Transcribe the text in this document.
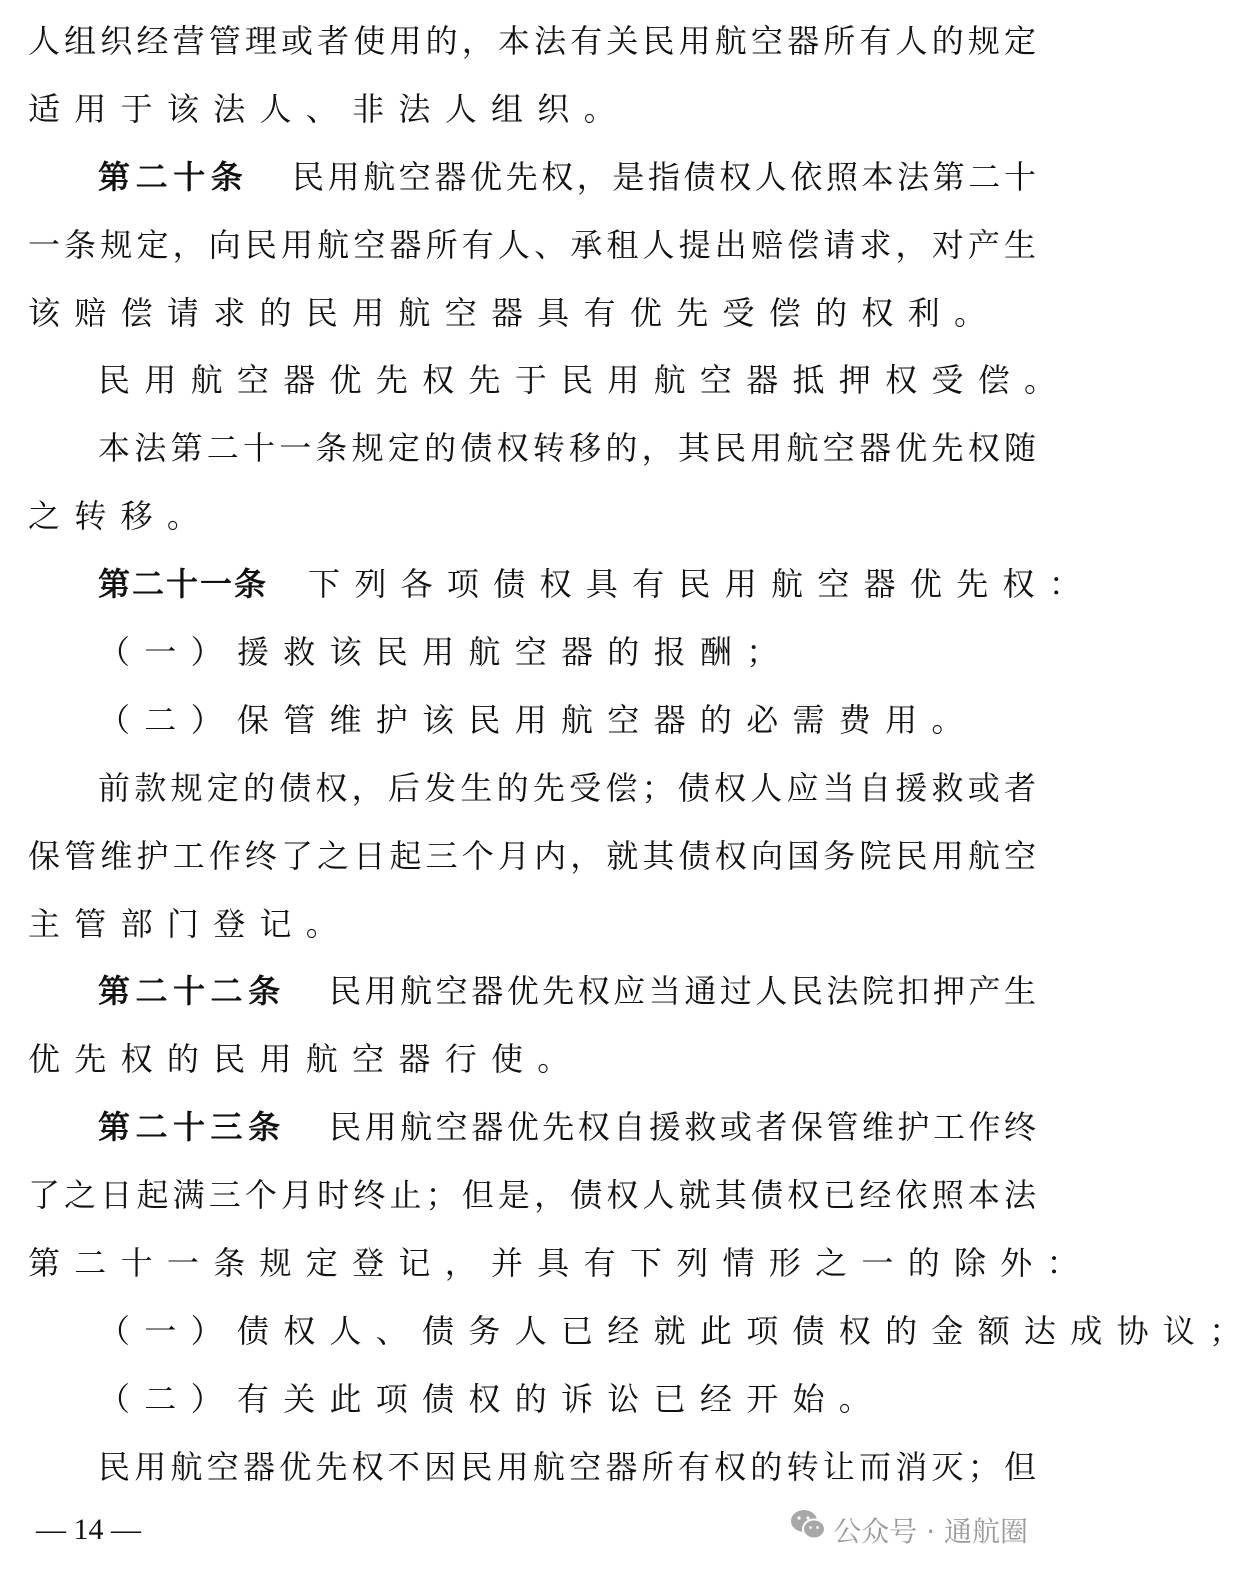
人组织经营管理或者使用的，本法有关民用航空器所有人的规定
适用于该法人、非法人组织。
第二十条 民用航空器优先权，是指债权人依照本法第二十
一条规定，向民用航空器所有人、承租人提出赔偿请求，对产生
该赔偿请求的民用航空器具有优先受偿的权利。
民用航空器优先权先于民用航空器抵押权受偿。
本法第二十一条规定的债权转移的，其民用航空器优先权随
之转移。
第二十一条 下列各项债权具有民用航空器优先权：
（一）援救该民用航空器的报酬；
（二）保管维护该民用航空器的必需费用。
前款规定的债权，后发生的先受偿；债权人应当自援救或者
保管维护工作终了之日起三个月内，就其债权向国务院民用航空
主管部门登记。
第二十二条 民用航空器优先权应当通过人民法院扣押产生
优先权的民用航空器行使。
第二十三条 民用航空器优先权自援救或者保管维护工作终
了之日起满三个月时终止；但是，债权人就其债权已经依照本法
第二十一条规定登记，并具有下列情形之一的除外：
（一）债权人、债务人已经就此项债权的金额达成协议；
（二）有关此项债权的诉讼已经开始。
民用航空器优先权不因民用航空器所有权的转让而消灭；但
— 14 —	公众号 · 通航圈
